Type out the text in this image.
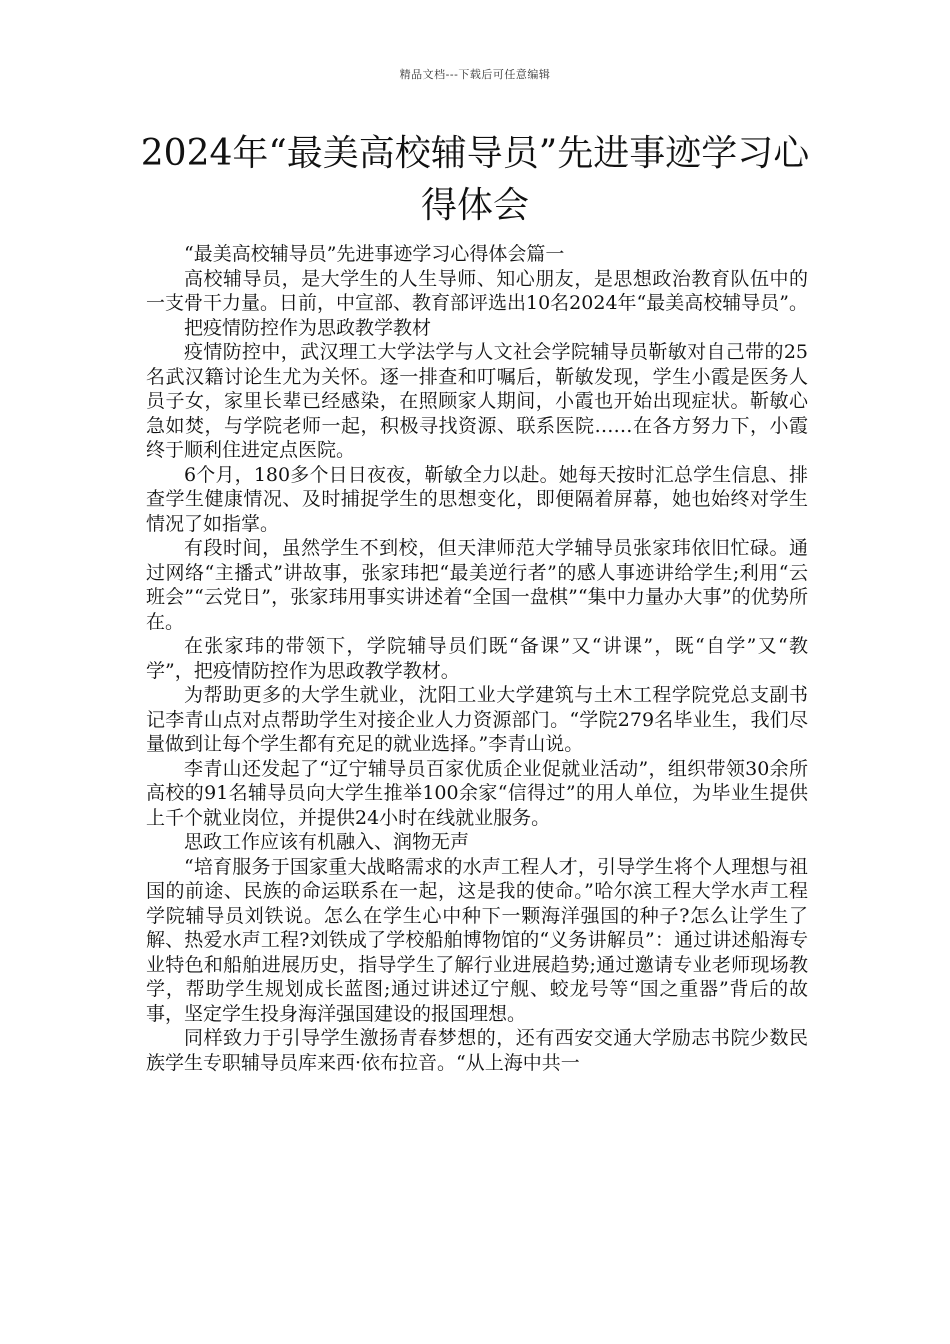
精品文档---下载后可任意编辑
2024年“最美高校辅导员”先进事迹学习心得体会

“最美高校辅导员”先进事迹学习心得体会篇一

高校辅导员，是大学生的人生导师、知心朋友，是思想政治教育队伍中的一支骨干力量。日前，中宣部、教育部评选出10名2024年“最美高校辅导员”。

把疫情防控作为思政教学教材

疫情防控中，武汉理工大学法学与人文社会学院辅导员靳敏对自己带的25名武汉籍讨论生尤为关怀。逐一排查和叮嘱后，靳敏发现，学生小霞是医务人员子女，家里长辈已经感染，在照顾家人期间，小霞也开始出现症状。靳敏心急如焚，与学院老师一起，积极寻找资源、联系医院……在各方努力下，小霞终于顺利住进定点医院。

6个月，180多个日日夜夜，靳敏全力以赴。她每天按时汇总学生信息、排查学生健康情况、及时捕捉学生的思想变化，即便隔着屏幕，她也始终对学生情况了如指掌。

有段时间，虽然学生不到校，但天津师范大学辅导员张家玮依旧忙碌。通过网络“主播式”讲故事，张家玮把“最美逆行者”的感人事迹讲给学生;利用“云班会”“云党日”，张家玮用事实讲述着“全国一盘棋”“集中力量办大事”的优势所在。

在张家玮的带领下，学院辅导员们既“备课”又“讲课”，既“自学”又“教学”，把疫情防控作为思政教学教材。

为帮助更多的大学生就业，沈阳工业大学建筑与土木工程学院党总支副书记李青山点对点帮助学生对接企业人力资源部门。“学院279名毕业生，我们尽量做到让每个学生都有充足的就业选择。”李青山说。

李青山还发起了“辽宁辅导员百家优质企业促就业活动”，组织带领30余所高校的91名辅导员向大学生推举100余家“信得过”的用人单位，为毕业生提供上千个就业岗位，并提供24小时在线就业服务。

思政工作应该有机融入、润物无声

“培育服务于国家重大战略需求的水声工程人才，引导学生将个人理想与祖国的前途、民族的命运联系在一起，这是我的使命。”哈尔滨工程大学水声工程学院辅导员刘铁说。怎么在学生心中种下一颗海洋强国的种子?怎么让学生了解、热爱水声工程?刘铁成了学校船舶博物馆的“义务讲解员”：通过讲述船海专业特色和船舶进展历史，指导学生了解行业进展趋势;通过邀请专业老师现场教学，帮助学生规划成长蓝图;通过讲述辽宁舰、蛟龙号等“国之重器”背后的故事，坚定学生投身海洋强国建设的报国理想。

同样致力于引导学生激扬青春梦想的，还有西安交通大学励志书院少数民族学生专职辅导员库来西·依布拉音。“从上海中共一
